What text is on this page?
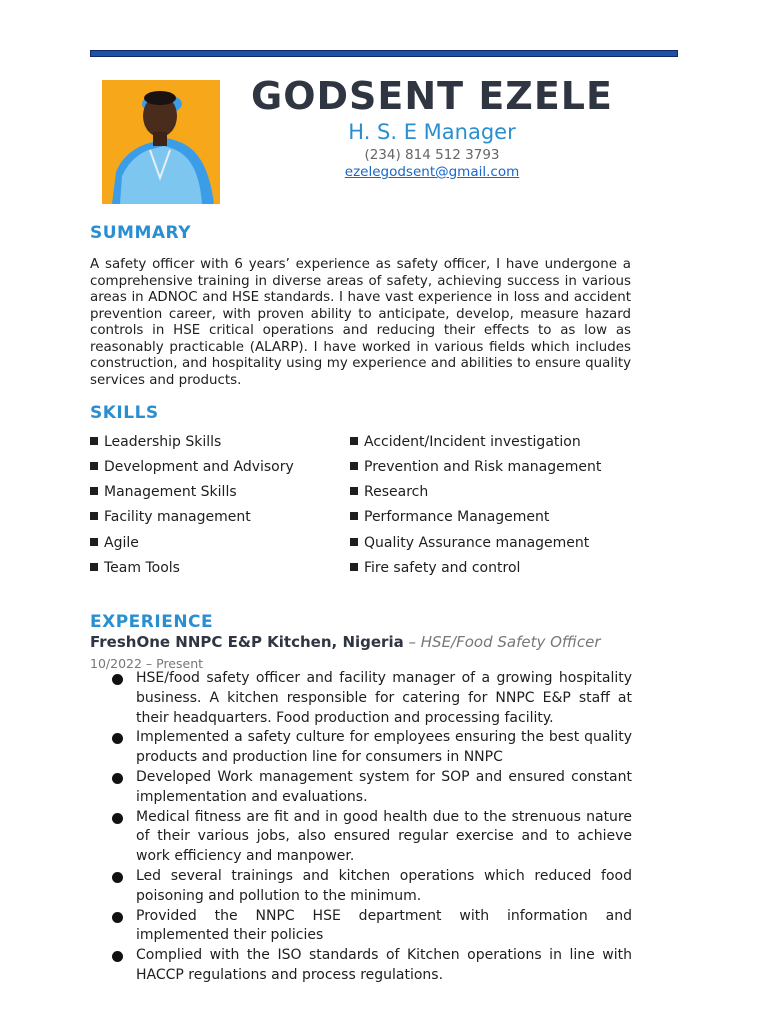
GODSENT EZELE
H. S. E Manager
(234) 814 512 3793
ezelegodsent@gmail.com
SUMMARY
A safety officer with 6 years’ experience as safety officer, I have undergone a comprehensive training in diverse areas of safety, achieving success in various areas in ADNOC and HSE standards. I have vast experience in loss and accident prevention career, with proven ability to anticipate, develop, measure hazard controls in HSE critical operations and reducing their effects to as low as reasonably practicable (ALARP). I have worked in various fields which includes construction, and hospitality using my experience and abilities to ensure quality services and products.
SKILLS
Leadership Skills
Development and Advisory
Management Skills
Facility management
Agile
Team Tools
Accident/Incident investigation
Prevention and Risk management
Research
Performance Management
Quality Assurance management
Fire safety and control
EXPERIENCE
FreshOne NNPC E&P Kitchen, Nigeria – HSE/Food Safety Officer
10/2022 – Present
HSE/food safety officer and facility manager of a growing hospitality business. A kitchen responsible for catering for NNPC E&P staff at their headquarters. Food production and processing facility.
Implemented a safety culture for employees ensuring the best quality products and production line for consumers in NNPC
Developed Work management system for SOP and ensured constant implementation and evaluations.
Medical fitness are fit and in good health due to the strenuous nature of their various jobs, also ensured regular exercise and to achieve work efficiency and manpower.
Led several trainings and kitchen operations which reduced food poisoning and pollution to the minimum.
Provided the NNPC HSE department with information and implemented their policies
Complied with the ISO standards of Kitchen operations in line with HACCP regulations and process regulations.
